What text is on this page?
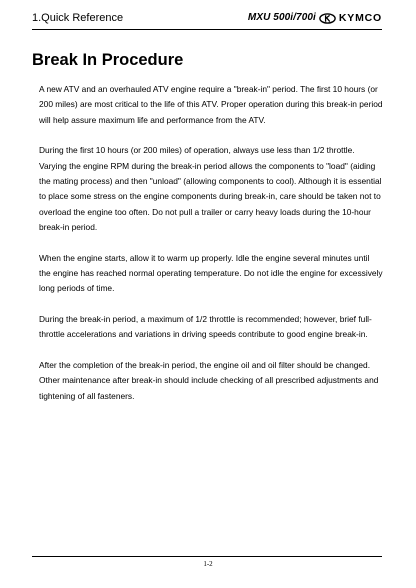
1.Quick Reference	MXU 500i/700i KYMCO
Break In Procedure

A new ATV and an overhauled ATV engine require a "break-in" period. The first 10 hours (or 200 miles) are most critical to the life of this ATV. Proper operation during this break-in period will help assure maximum life and performance from the ATV.

During the first 10 hours (or 200 miles) of operation, always use less than 1/2 throttle. Varying the engine RPM during the break-in period allows the components to "load" (aiding the mating process) and then "unload" (allowing components to cool). Although it is essential to place some stress on the engine components during break-in, care should be taken not to overload the engine too often. Do not pull a trailer or carry heavy loads during the 10-hour break-in period.

When the engine starts, allow it to warm up properly. Idle the engine several minutes until the engine has reached normal operating temperature. Do not idle the engine for excessively long periods of time.

During the break-in period, a maximum of 1/2 throttle is recommended; however, brief full-throttle accelerations and variations in driving speeds contribute to good engine break-in.

After the completion of the break-in period, the engine oil and oil filter should be changed. Other maintenance after break-in should include checking of all prescribed adjustments and tightening of all fasteners.

1-2
